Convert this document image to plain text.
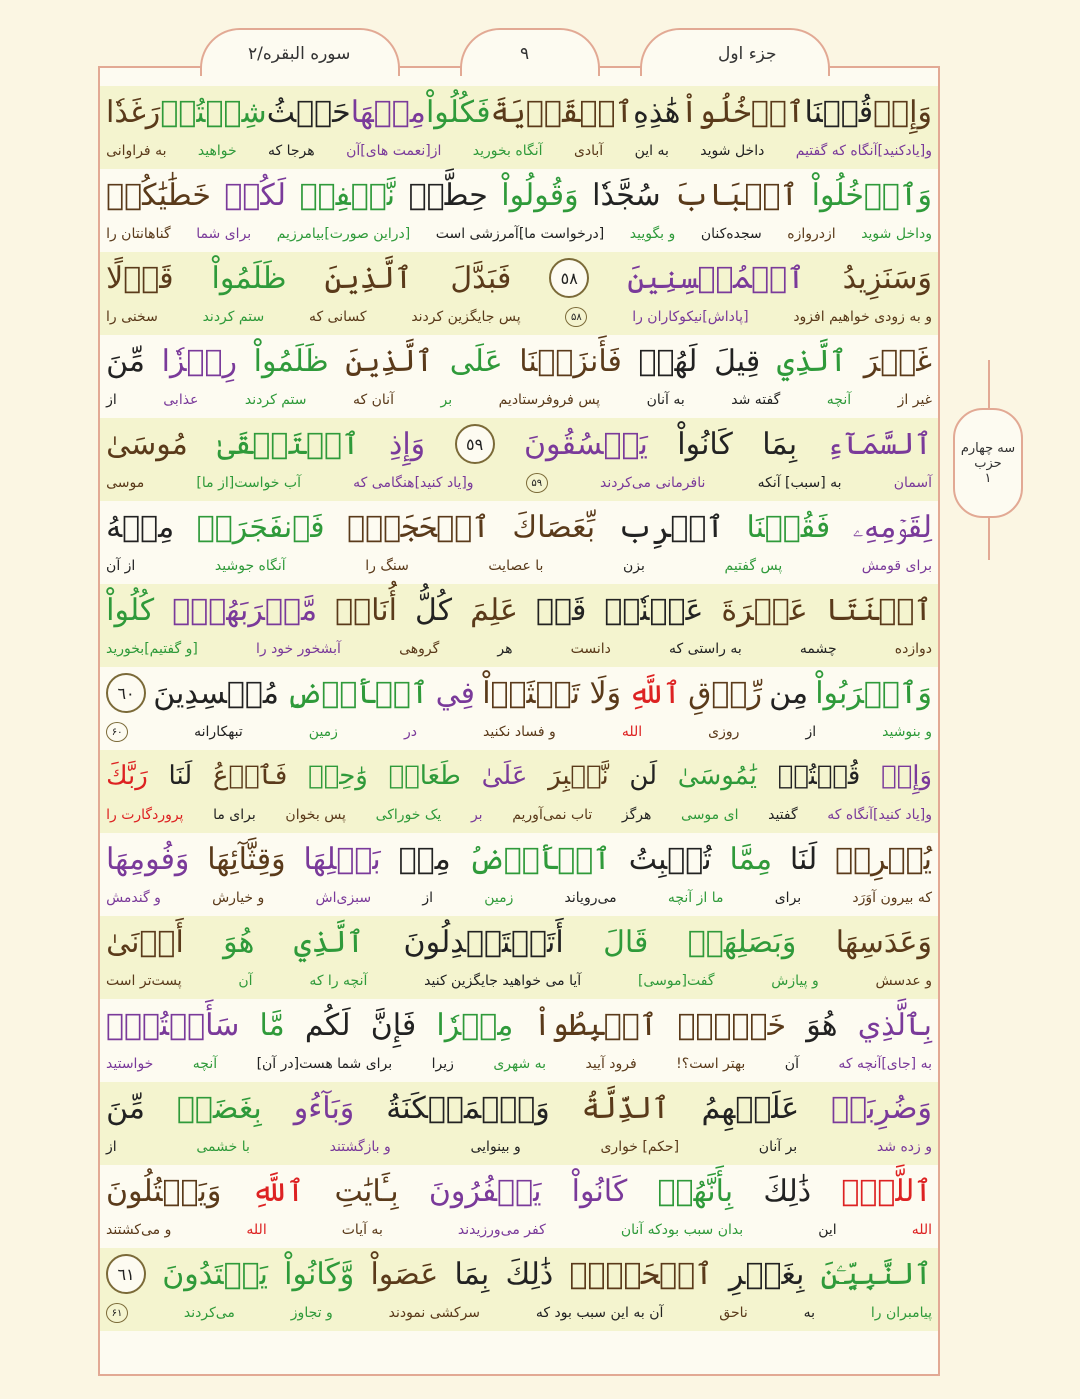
جزء اول
۹
سوره البقره/۲
سه چهارم
حزب
۱
وَإِذۡ
قُلۡنَا
ٱدۡخُلُواْ
هَٰذِهِ
ٱلۡقَرۡيَةَ
فَكُلُواْ
مِنۡهَا
حَيۡثُ
شِئۡتُمۡ
رَغَدٗا
و[یادکنید]آنگاه که گفتیم
داخل شوید
به این
آبادی
آنگاه بخورید
از[نعمت های]آن
هرجا که
خواهید
به فراوانی
وَٱدۡخُلُواْ
ٱلۡبَابَ
سُجَّدٗا
وَقُولُواْ
حِطَّةٞ
نَّغۡفِرۡ
لَكُمۡ
خَطَٰيَٰكُمۡ
وداخل شوید
ازدروازه
سجده‌کنان
و بگویید
[درخواست ما]آمرزشی است
[دراین صورت]بیامرزیم
برای شما
گناهانتان را
وَسَنَزِيدُ
ٱلۡمُحۡسِنِينَ
٥٨
فَبَدَّلَ
ٱلَّذِينَ
ظَلَمُواْ
قَوۡلًا
و به زودی خواهیم افزود
[پاداش]نیکوکاران را
۵۸
پس جایگزین کردند
کسانی که
ستم کردند
سخنی را
غَيۡرَ
ٱلَّذِي
قِيلَ
لَهُمۡ
فَأَنزَلۡنَا
عَلَى
ٱلَّذِينَ
ظَلَمُواْ
رِجۡزٗا
مِّنَ
غیر از
آنچه
گفته شد
به آنان
پس فروفرستادیم
بر
آنان که
ستم کردند
عذابی
از
ٱلسَّمَآءِ
بِمَا
كَانُواْ
يَفۡسُقُونَ
٥٩
وَإِذِ
ٱسۡتَسۡقَىٰ
مُوسَىٰ
آسمان
به [سبب] آنکه
نافرمانی می‌کردند
۵۹
و[یاد کنید]هنگامی که
آب خواست[از ما]
موسی
لِقَوۡمِهِۦ
فَقُلۡنَا
ٱضۡرِب
بِّعَصَاكَ
ٱلۡحَجَرَۖ
فَٱنفَجَرَتۡ
مِنۡهُ
برای قومش
پس گفتیم
بزن
با عصایت
سنگ را
آنگاه جوشید
از آن
ٱثۡنَتَا
عَشۡرَةَ
عَيۡنٗاۖ
قَدۡ
عَلِمَ
كُلُّ
أُنَاسٖ
مَّشۡرَبَهُمۡۖ
كُلُواْ
دوازده
چشمه
به راستی که
دانست
هر
گروهی
آبشخور خود را
[و گفتیم]بخورید
وَٱشۡرَبُواْ
مِن
رِّزۡقِ
ٱللَّهِ
وَلَا تَعۡثَوۡاْ
فِي
ٱلۡأَرۡضِ
مُفۡسِدِينَ
٦٠
و بنوشید
از
روزی
الله
و فساد نکنید
در
زمین
تبهکارانه
۶۰
وَإِذۡ
قُلۡتُمۡ
يَٰمُوسَىٰ
لَن
نَّصۡبِرَ
عَلَىٰ
طَعَامٖ
وَٰحِدٖ
فَٱدۡعُ
لَنَا
رَبَّكَ
و[یاد کنید]آنگاه که
گفتید
ای موسی
هرگز
تاب نمی‌آوریم
بر
یک خوراکی
پس بخوان
برای ما
پروردگارت را
يُخۡرِجۡ
لَنَا
مِمَّا
تُنۢبِتُ
ٱلۡأَرۡضُ
مِنۢ
بَقۡلِهَا
وَقِثَّآئِهَا
وَفُومِهَا
که بیرون آوَرَد
برای
ما از آنچه
می‌رویاند
زمین
از
سبزی‌اش
و خیارش
و گندمش
وَعَدَسِهَا
وَبَصَلِهَاۖ
قَالَ
أَتَسۡتَبۡدِلُونَ
ٱلَّذِي
هُوَ
أَدۡنَىٰ
و عدسش
و پیازش
گفت[موسی]
آیا می خواهید جایگزین کنید
آنچه را که
آن
پست‌تر است
بِٱلَّذِي
هُوَ
خَيۡرٌۚ
ٱهۡبِطُواْ
مِصۡرٗا
فَإِنَّ
لَكُم
مَّا
سَأَلۡتُمۡۗ
به [جای]آنچه که
آن
بهتر است؟!
فرود آیید
به شهری
زیرا
برای شما هست[در آن]
آنچه
خواستید
وَضُرِبَتۡ
عَلَيۡهِمُ
ٱلذِّلَّةُ
وَٱلۡمَسۡكَنَةُ
وَبَآءُو
بِغَضَبٖ
مِّنَ
و زده شد
بر آنان
[حکم] خواری
و بینوایی
و بازگشتند
با خشمی
از
ٱللَّهِۗ
ذَٰلِكَ
بِأَنَّهُمۡ
كَانُواْ
يَكۡفُرُونَ
بِـَٔايَٰتِ
ٱللَّهِ
وَيَقۡتُلُونَ
الله
این
بدان سبب بودکه آنان
کفر می‌ورزیدند
به آیات
الله
و می‌کشتند
ٱلنَّبِيِّـۧنَ
بِغَيۡرِ
ٱلۡحَقِّۗ
ذَٰلِكَ
بِمَا
عَصَواْ
وَّكَانُواْ
يَعۡتَدُونَ
٦١
پیامبران را
به
ناحق
آن به این سبب بود که
سرکشی نمودند
و تجاوز
می‌کردند
۶۱
